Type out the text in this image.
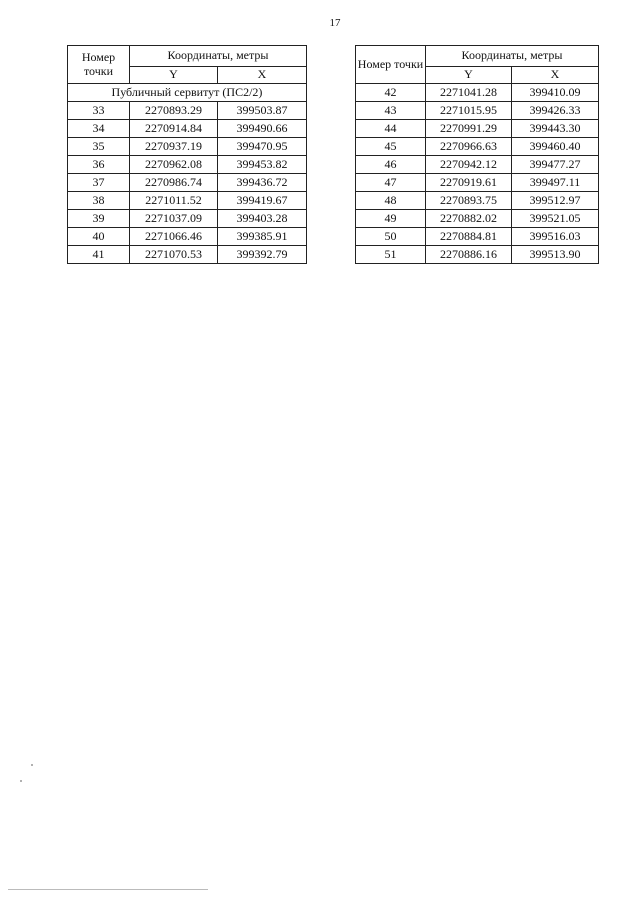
17
Номер точки	Координаты, метры	
	Y	X
Публичный сервитут (ПС2/2)		
33	2270893.29	399503.87
34	2270914.84	399490.66
35	2270937.19	399470.95
36	2270962.08	399453.82
37	2270986.74	399436.72
38	2271011.52	399419.67
39	2271037.09	399403.28
40	2271066.46	399385.91
41	2271070.53	399392.79
Номер точки	Координаты, метры	
	Y	X
42	2271041.28	399410.09
43	2271015.95	399426.33
44	2270991.29	399443.30
45	2270966.63	399460.40
46	2270942.12	399477.27
47	2270919.61	399497.11
48	2270893.75	399512.97
49	2270882.02	399521.05
50	2270884.81	399516.03
51	2270886.16	399513.90
